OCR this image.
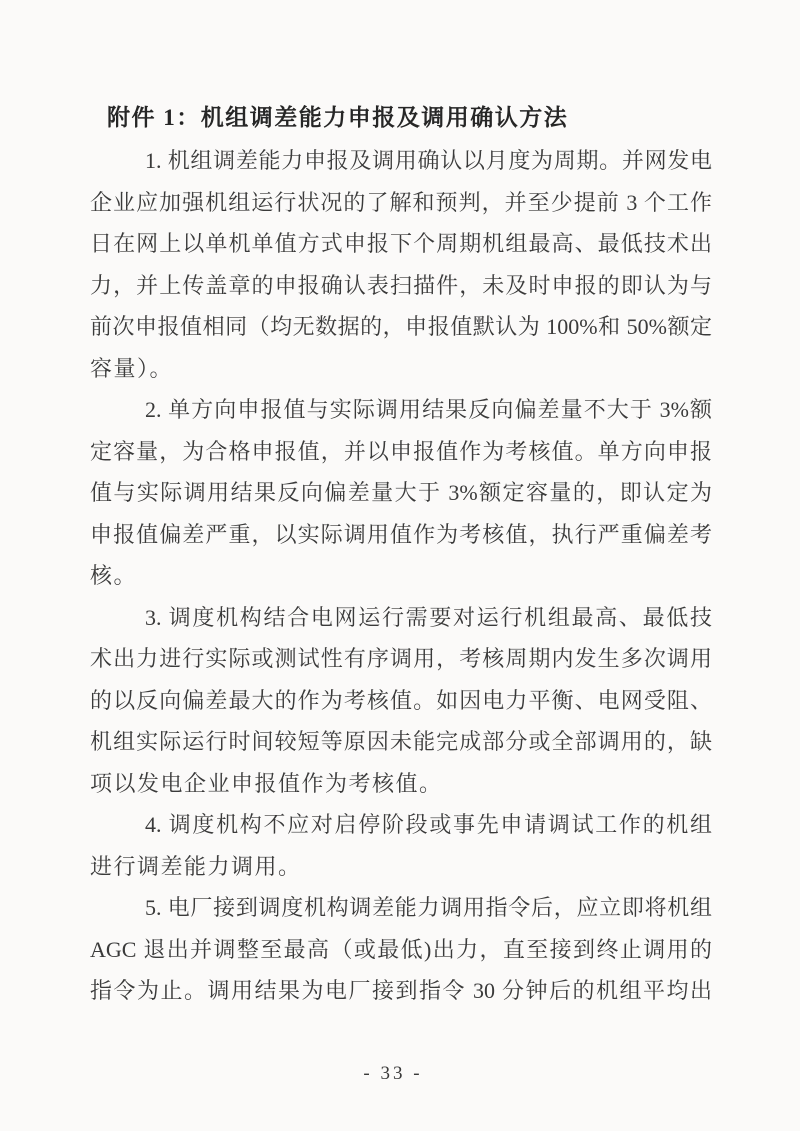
附件 1：机组调差能力申报及调用确认方法
1. 机组调差能力申报及调用确认以月度为周期。并网发电
企业应加强机组运行状况的了解和预判，并至少提前 3 个工作
日在网上以单机单值方式申报下个周期机组最高、最低技术出
力，并上传盖章的申报确认表扫描件，未及时申报的即认为与
前次申报值相同（均无数据的，申报值默认为 100%和 50%额定
容量）。
2. 单方向申报值与实际调用结果反向偏差量不大于 3%额
定容量，为合格申报值，并以申报值作为考核值。单方向申报
值与实际调用结果反向偏差量大于 3%额定容量的，即认定为
申报值偏差严重，以实际调用值作为考核值，执行严重偏差考
核。
3. 调度机构结合电网运行需要对运行机组最高、最低技
术出力进行实际或测试性有序调用，考核周期内发生多次调用
的以反向偏差最大的作为考核值。如因电力平衡、电网受阻、
机组实际运行时间较短等原因未能完成部分或全部调用的，缺
项以发电企业申报值作为考核值。
4. 调度机构不应对启停阶段或事先申请调试工作的机组
进行调差能力调用。
5. 电厂接到调度机构调差能力调用指令后，应立即将机组
AGC 退出并调整至最高（或最低)出力，直至接到终止调用的
指令为止。调用结果为电厂接到指令 30 分钟后的机组平均出
- 33 -
